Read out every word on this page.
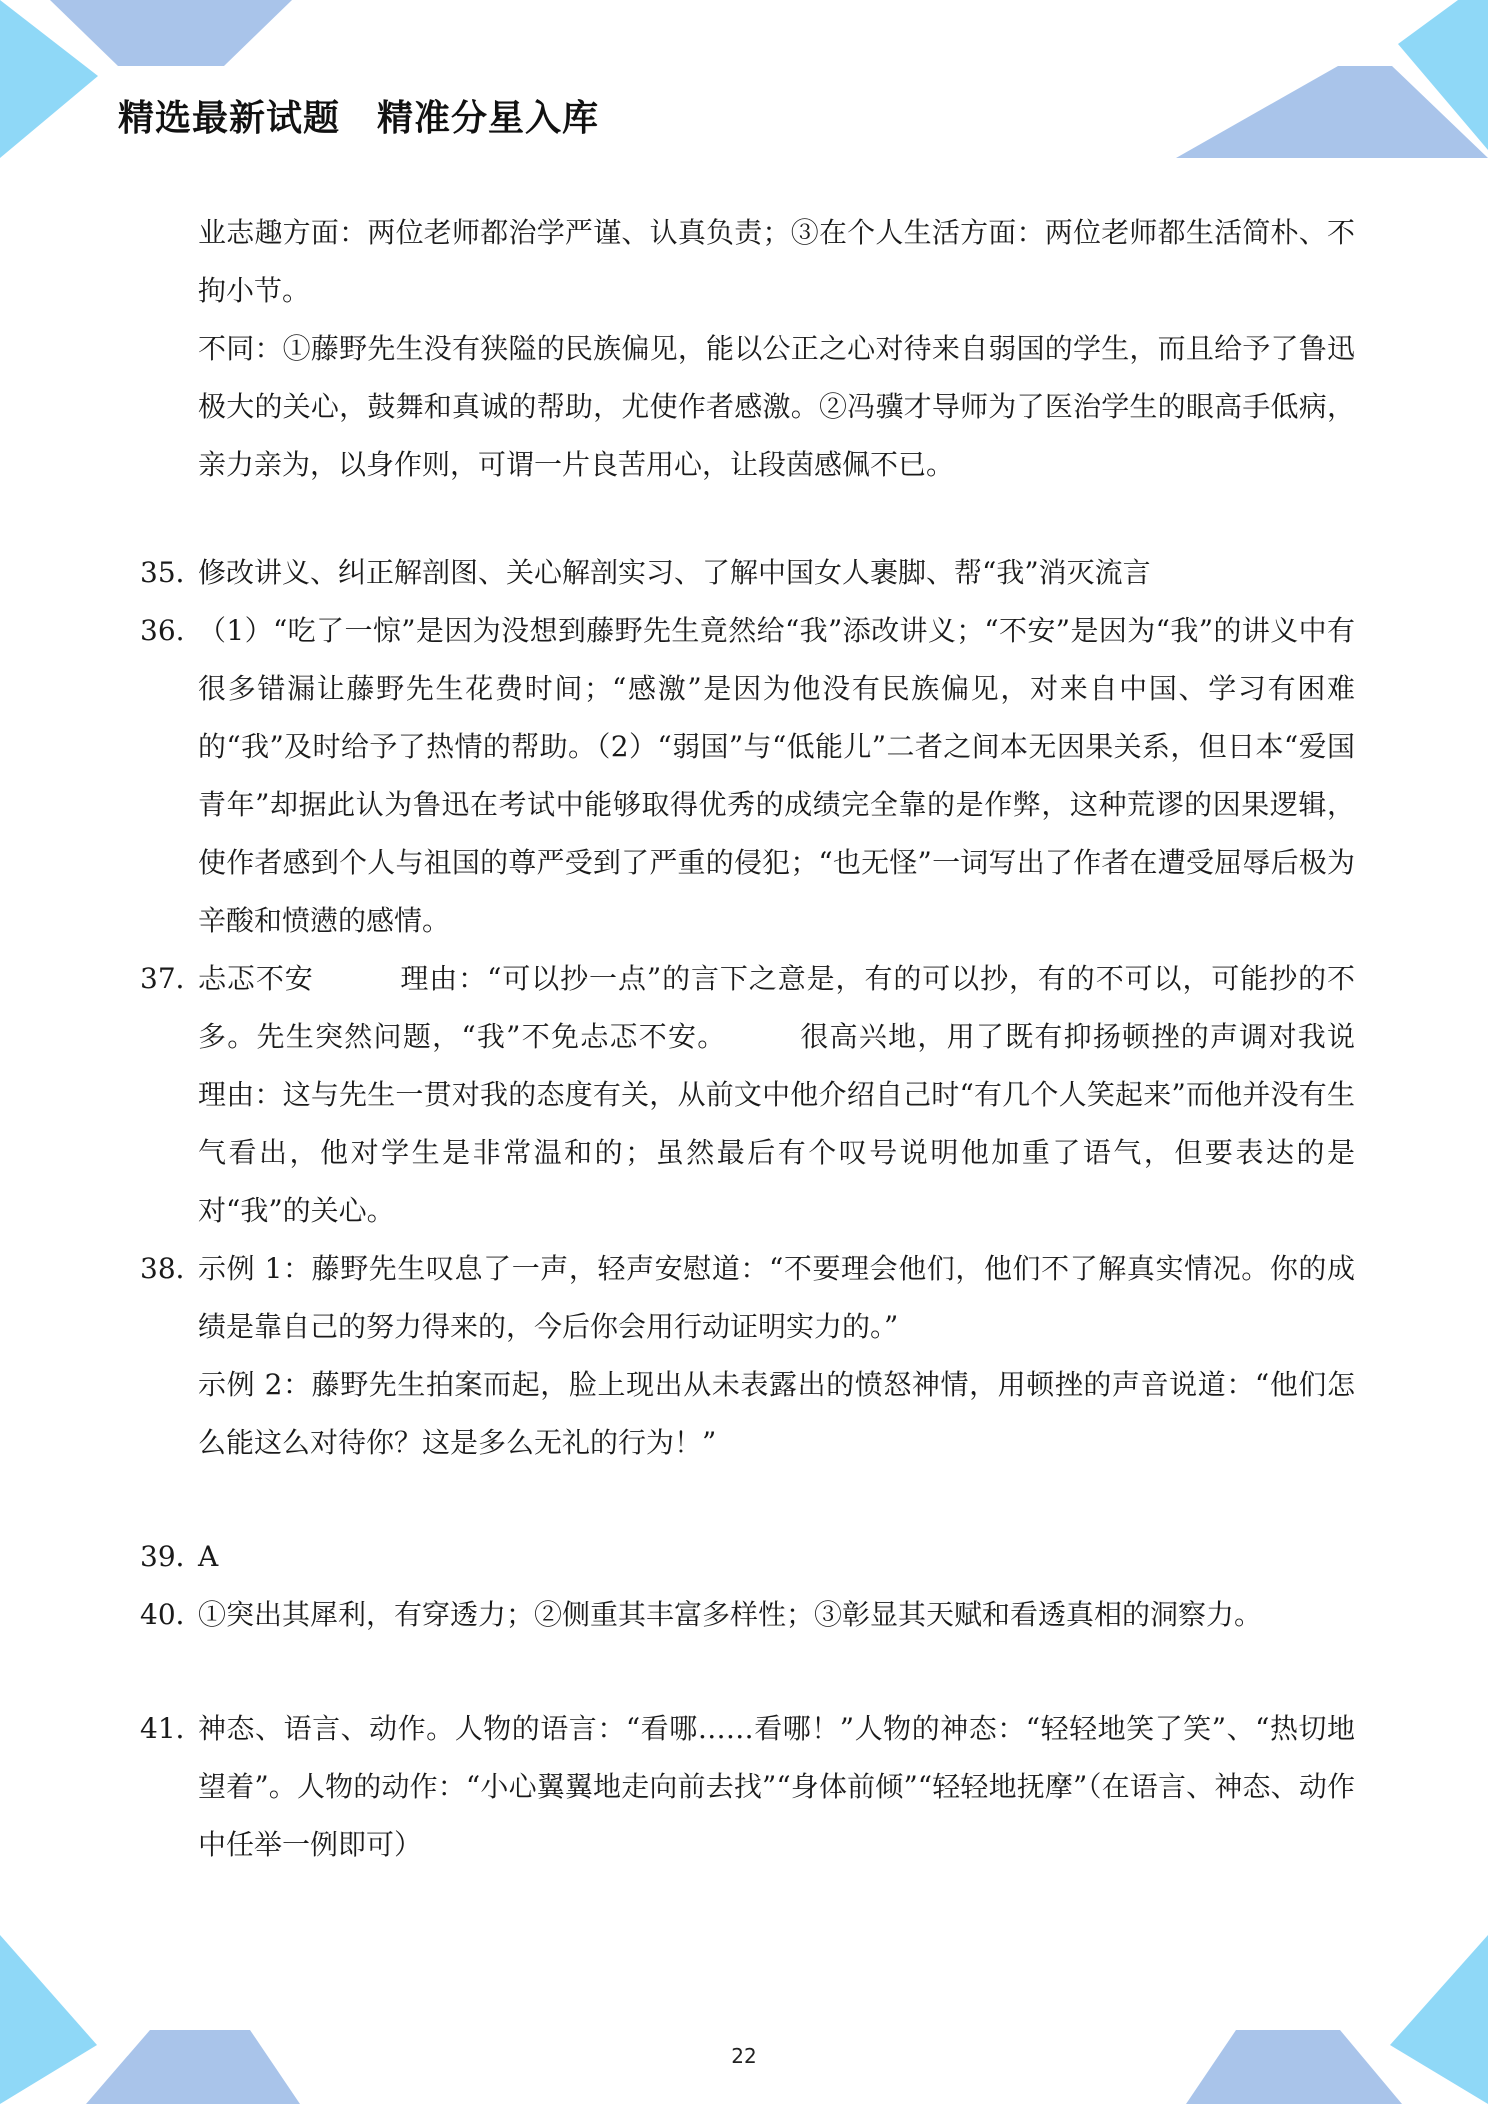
精选最新试题　精准分星入库

业志趣方面：两位老师都治学严谨、认真负责；③在个人生活方面：两位老师都生活简朴、不拘小节。

不同：①藤野先生没有狭隘的民族偏见，能以公正之心对待来自弱国的学生，而且给予了鲁迅极大的关心，鼓舞和真诚的帮助，尤使作者感激。②冯骥才导师为了医治学生的眼高手低病，亲力亲为，以身作则，可谓一片良苦用心，让段茵感佩不已。

35．
修改讲义、纠正解剖图、关心解剖实习、了解中国女人裹脚、帮“我”消灭流言
36. （1）“吃了一惊”是因为没想到藤野先生竟然给“我”添改讲义；“不安”是因为“我”的讲义中有很多错漏让藤野先生花费时间；“感激”是因为他没有民族偏见，对来自中国、学习有困难的“我”及时给予了热情的帮助。（2）“弱国”与“低能儿”二者之间本无因果关系，但日本“爱国青年”却据此认为鲁迅在考试中能够取得优秀的成绩完全靠的是作弊，这种荒谬的因果逻辑，使作者感到个人与祖国的尊严受到了严重的侵犯；“也无怪”一词写出了作者在遭受屈辱后极为辛酸和愤懑的感情。
37．
忐忑不安　　　理由：“可以抄一点”的言下之意是，有的可以抄，有的不可以，可能抄的不多。先生突然问题，“我”不免忐忑不安。　　　很高兴地，用了既有抑扬顿挫的声调对我说　　　理由：这与先生一贯对我的态度有关，从前文中他介绍自己时“有几个人笑起来”而他并没有生气看出，他对学生是非常温和的；虽然最后有个叹号说明他加重了语气，但要表达的是对“我”的关心。
38．
示例 1：藤野先生叹息了一声，轻声安慰道：“不要理会他们，他们不了解真实情况。你的成绩是靠自己的努力得来的，今后你会用行动证明实力的。”
示例 2：藤野先生拍案而起，脸上现出从未表露出的愤怒神情，用顿挫的声音说道：“他们怎么能这么对待你？这是多么无礼的行为！”
39．
A
40．
①突出其犀利，有穿透力；②侧重其丰富多样性；③彰显其天赋和看透真相的洞察力。
41．
神态、语言、动作。人物的语言：“看哪……看哪！”人物的神态：“轻轻地笑了笑”、“热切地望着”。人物的动作：“小心翼翼地走向前去找”“身体前倾”“轻轻地抚摩”（在语言、神态、动作中任举一例即可）
22
